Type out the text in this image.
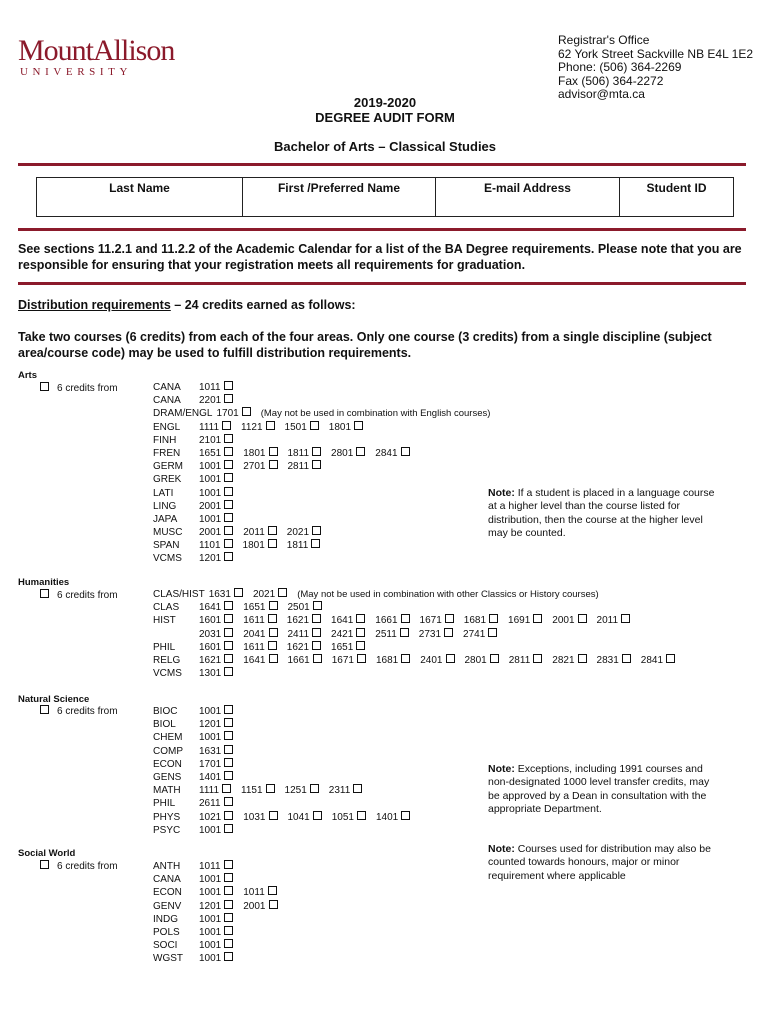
MountAllison
UNIVERSITY
Registrar's Office
62 York Street Sackville NB E4L 1E2
Phone: (506) 364-2269
Fax (506) 364-2272
advisor@mta.ca
2019-2020
DEGREE AUDIT FORM
Bachelor of Arts – Classical Studies
Last Name	First /Preferred Name	E-mail Address	Student ID
See sections 11.2.1 and 11.2.2 of the Academic Calendar for a list of the BA Degree requirements. Please note that you are responsible for ensuring that your registration meets all requirements for graduation.
Distribution requirements – 24 credits earned as follows:
Take two courses (6 credits) from each of the four areas. Only one course (3 credits) from a single discipline (subject area/course code) may be used to fulfill distribution requirements.
Arts
6 credits from	CANA	1011
CANA	2201
DRAM/ENGL 1701	(May not be used in combination with English courses)
ENGL	1111 1121 1501 1801
FINH	2101
FREN	1651 1801 1811 2801 2841
GERM	1001 2701 2811
GREK	1001
LATI	1001
LING	2001
JAPA	1001
MUSC	2001 2011 2021
SPAN	1101 1801 1811
VCMS	1201
Humanities
6 credits from	CLAS/HIST 1631 2021	(May not be used in combination with other Classics or History courses)
CLAS	1641 1651 2501
HIST	1601 1611 1621 1641 1661 1671 1681 1691 2001 2011
2031 2041 2411 2421 2511 2731 2741
PHIL	1601 1611 1621 1651
RELG	1621 1641 1661 1671 1681 2401 2801 2811 2821 2831 2841
VCMS	1301
Natural Science
6 credits from	BIOC	1001
BIOL	1201
CHEM	1001
COMP	1631
ECON	1701
GENS	1401
MATH	1111 1151 1251 2311
PHIL	2611
PHYS	1021 1031 1041 1051 1401
PSYC	1001
Social World
6 credits from	ANTH	1011
CANA	1001
ECON	1001 1011
GENV	1201 2001
INDG	1001
POLS	1001
SOCI	1001
WGST	1001
Note: If a student is placed in a language course at a higher level than the course listed for distribution, then the course at the higher level may be counted.
Note: Exceptions, including 1991 courses and non-designated 1000 level transfer credits, may be approved by a Dean in consultation with the appropriate Department.
Note: Courses used for distribution may also be counted towards honours, major or minor requirement where applicable
